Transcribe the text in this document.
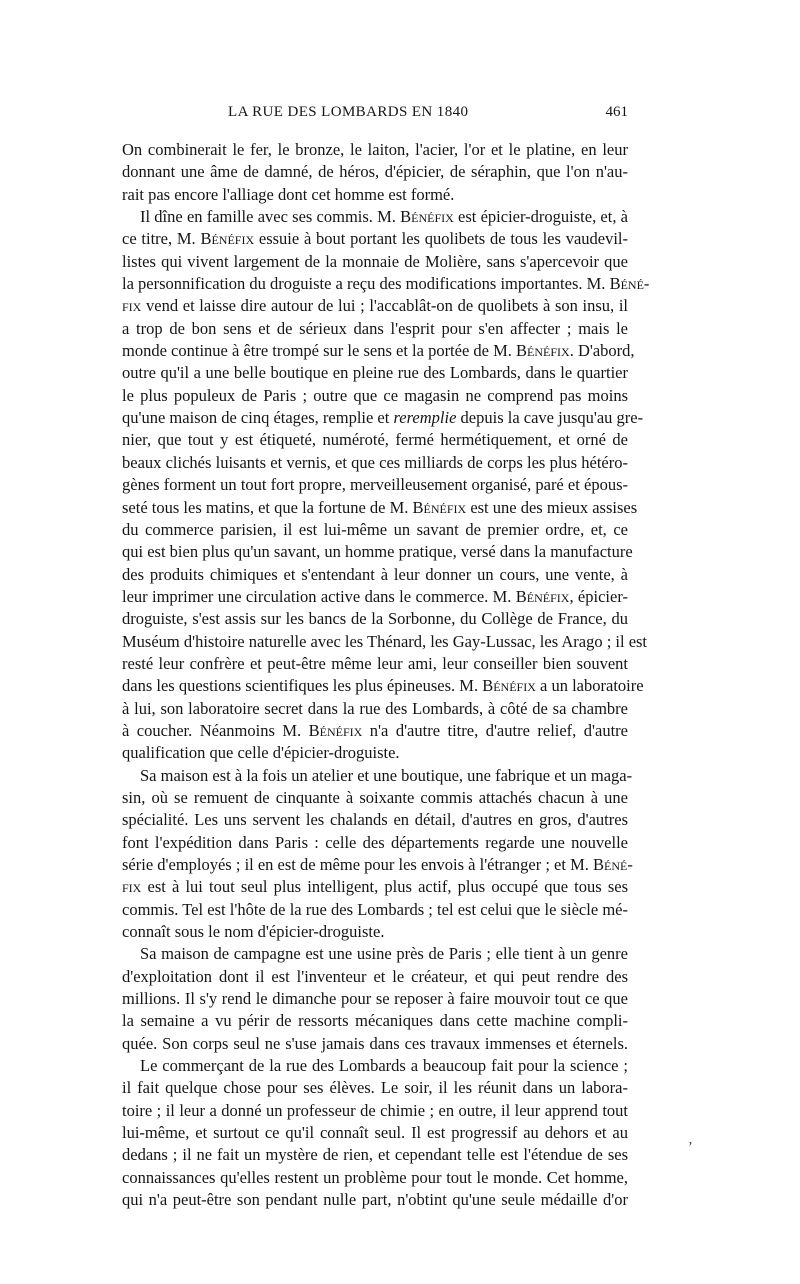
LA RUE DES LOMBARDS EN 1840	461
On combinerait le fer, le bronze, le laiton, l'acier, l'or et le platine, en leur
donnant une âme de damné, de héros, d'épicier, de séraphin, que l'on n'au-
rait pas encore l'alliage dont cet homme est formé.
Il dîne en famille avec ses commis. M. Bénéfix est épicier-droguiste, et, à
ce titre, M. Bénéfix essuie à bout portant les quolibets de tous les vaudevil-
listes qui vivent largement de la monnaie de Molière, sans s'apercevoir que
la personnification du droguiste a reçu des modifications importantes. M. Béné-
fix vend et laisse dire autour de lui ; l'accablât-on de quolibets à son insu, il
a trop de bon sens et de sérieux dans l'esprit pour s'en affecter ; mais le
monde continue à être trompé sur le sens et la portée de M. Bénéfix. D'abord,
outre qu'il a une belle boutique en pleine rue des Lombards, dans le quartier
le plus populeux de Paris ; outre que ce magasin ne comprend pas moins
qu'une maison de cinq étages, remplie et reremplie depuis la cave jusqu'au gre-
nier, que tout y est étiqueté, numéroté, fermé hermétiquement, et orné de
beaux clichés luisants et vernis, et que ces milliards de corps les plus hétéro-
gènes forment un tout fort propre, merveilleusement organisé, paré et épous-
seté tous les matins, et que la fortune de M. Bénéfix est une des mieux assises
du commerce parisien, il est lui-même un savant de premier ordre, et, ce
qui est bien plus qu'un savant, un homme pratique, versé dans la manufacture
des produits chimiques et s'entendant à leur donner un cours, une vente, à
leur imprimer une circulation active dans le commerce. M. Bénéfix, épicier-
droguiste, s'est assis sur les bancs de la Sorbonne, du Collège de France, du
Muséum d'histoire naturelle avec les Thénard, les Gay-Lussac, les Arago ; il est
resté leur confrère et peut-être même leur ami, leur conseiller bien souvent
dans les questions scientifiques les plus épineuses. M. Bénéfix a un laboratoire
à lui, son laboratoire secret dans la rue des Lombards, à côté de sa chambre
à coucher. Néanmoins M. Bénéfix n'a d'autre titre, d'autre relief, d'autre
qualification que celle d'épicier-droguiste.
Sa maison est à la fois un atelier et une boutique, une fabrique et un maga-
sin, où se remuent de cinquante à soixante commis attachés chacun à une
spécialité. Les uns servent les chalands en détail, d'autres en gros, d'autres
font l'expédition dans Paris : celle des départements regarde une nouvelle
série d'employés ; il en est de même pour les envois à l'étranger ; et M. Béné-
fix est à lui tout seul plus intelligent, plus actif, plus occupé que tous ses
commis. Tel est l'hôte de la rue des Lombards ; tel est celui que le siècle mé-
connaît sous le nom d'épicier-droguiste.
Sa maison de campagne est une usine près de Paris ; elle tient à un genre
d'exploitation dont il est l'inventeur et le créateur, et qui peut rendre des
millions. Il s'y rend le dimanche pour se reposer à faire mouvoir tout ce que
la semaine a vu périr de ressorts mécaniques dans cette machine compli-
quée. Son corps seul ne s'use jamais dans ces travaux immenses et éternels.
Le commerçant de la rue des Lombards a beaucoup fait pour la science ;
il fait quelque chose pour ses élèves. Le soir, il les réunit dans un labora-
toire ; il leur a donné un professeur de chimie ; en outre, il leur apprend tout
lui-même, et surtout ce qu'il connaît seul. Il est progressif au dehors et au
dedans ; il ne fait un mystère de rien, et cependant telle est l'étendue de ses
connaissances qu'elles restent un problème pour tout le monde. Cet homme,
qui n'a peut-être son pendant nulle part, n'obtint qu'une seule médaille d'or
ʼ
